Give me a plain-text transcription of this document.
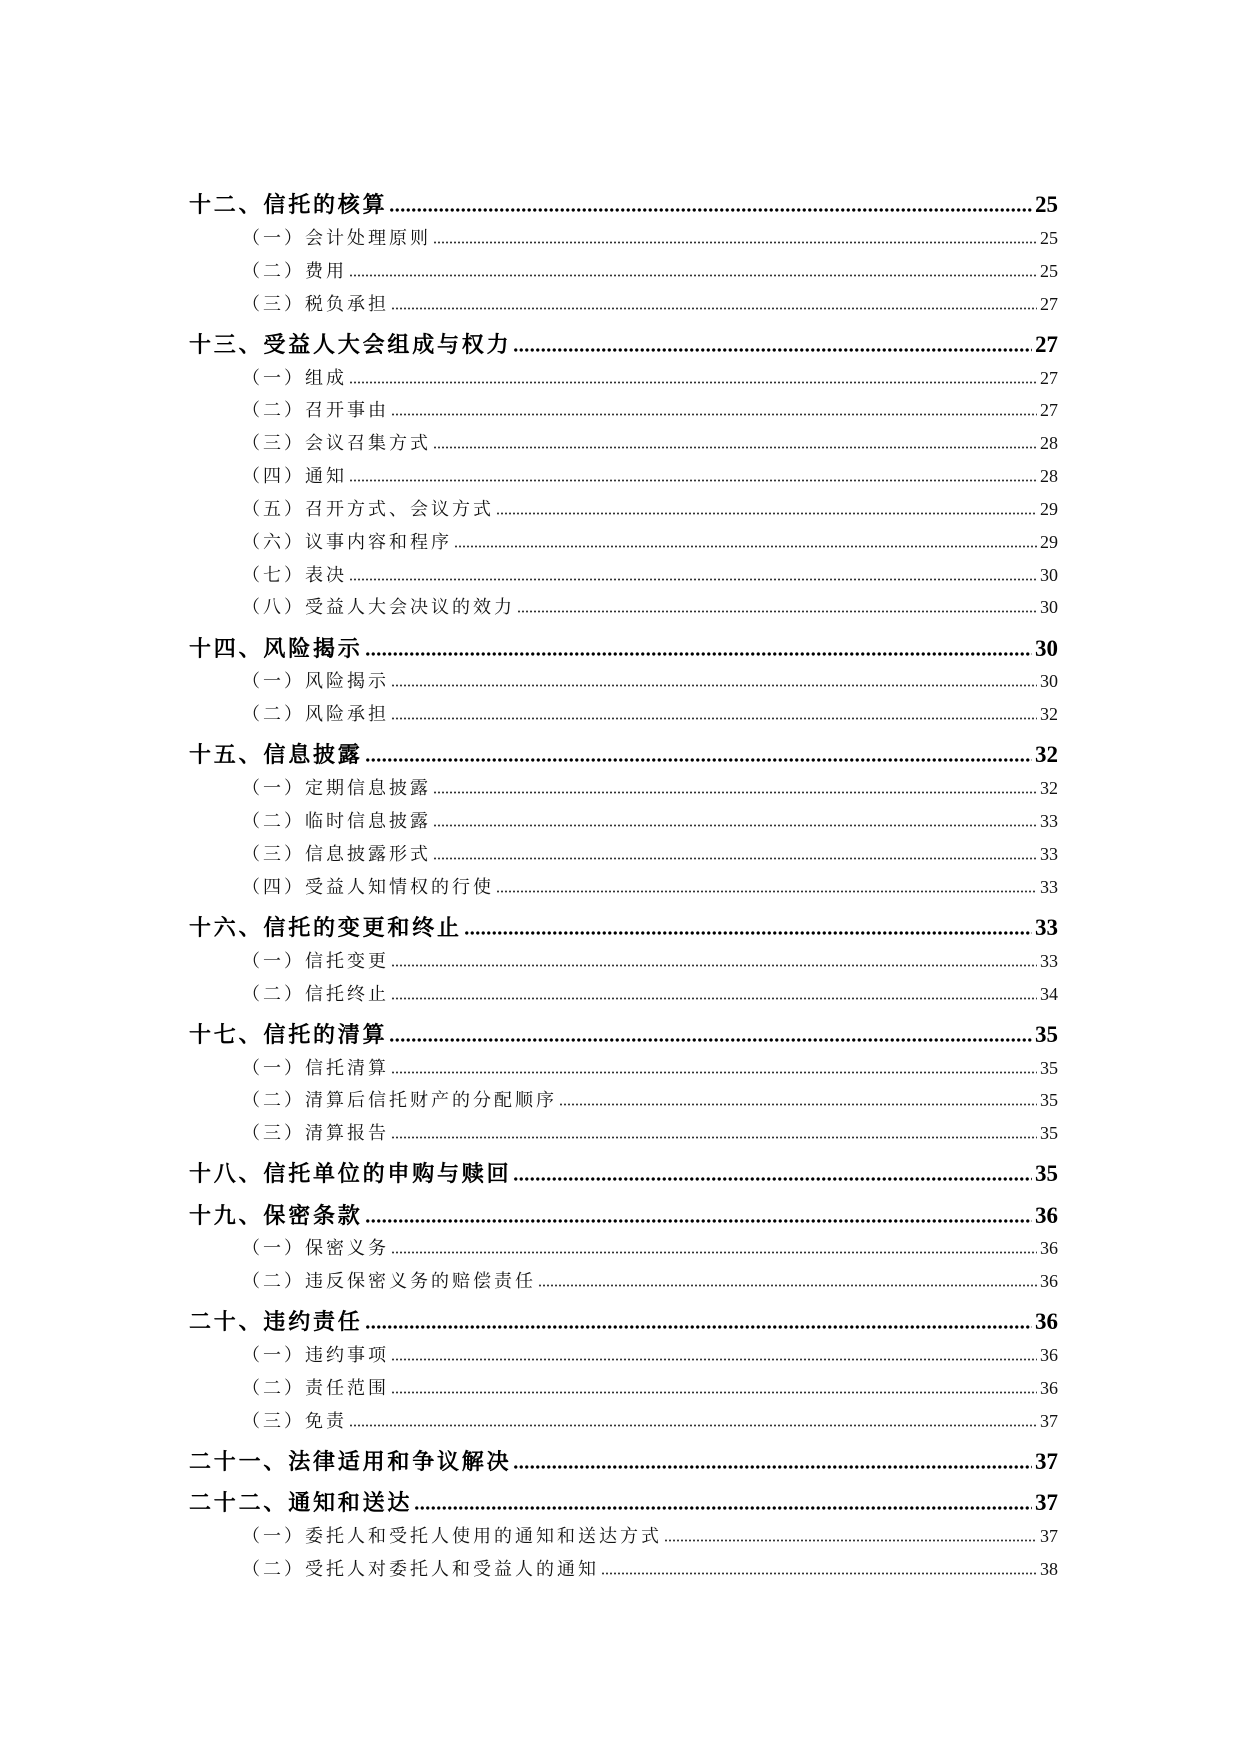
十二、信托的核算	25
（一）会计处理原则	25
（二）费用	25
（三）税负承担	27
十三、受益人大会组成与权力	27
（一）组成	27
（二）召开事由	27
（三）会议召集方式	28
（四）通知	28
（五）召开方式、会议方式	29
（六）议事内容和程序	29
（七）表决	30
（八）受益人大会决议的效力	30
十四、风险揭示	30
（一）风险揭示	30
（二）风险承担	32
十五、信息披露	32
（一）定期信息披露	32
（二）临时信息披露	33
（三）信息披露形式	33
（四）受益人知情权的行使	33
十六、信托的变更和终止	33
（一）信托变更	33
（二）信托终止	34
十七、信托的清算	35
（一）信托清算	35
（二）清算后信托财产的分配顺序	35
（三）清算报告	35
十八、信托单位的申购与赎回	35
十九、保密条款	36
（一）保密义务	36
（二）违反保密义务的赔偿责任	36
二十、违约责任	36
（一）违约事项	36
（二）责任范围	36
（三）免责	37
二十一、法律适用和争议解决	37
二十二、通知和送达	37
（一）委托人和受托人使用的通知和送达方式	37
（二）受托人对委托人和受益人的通知	38
